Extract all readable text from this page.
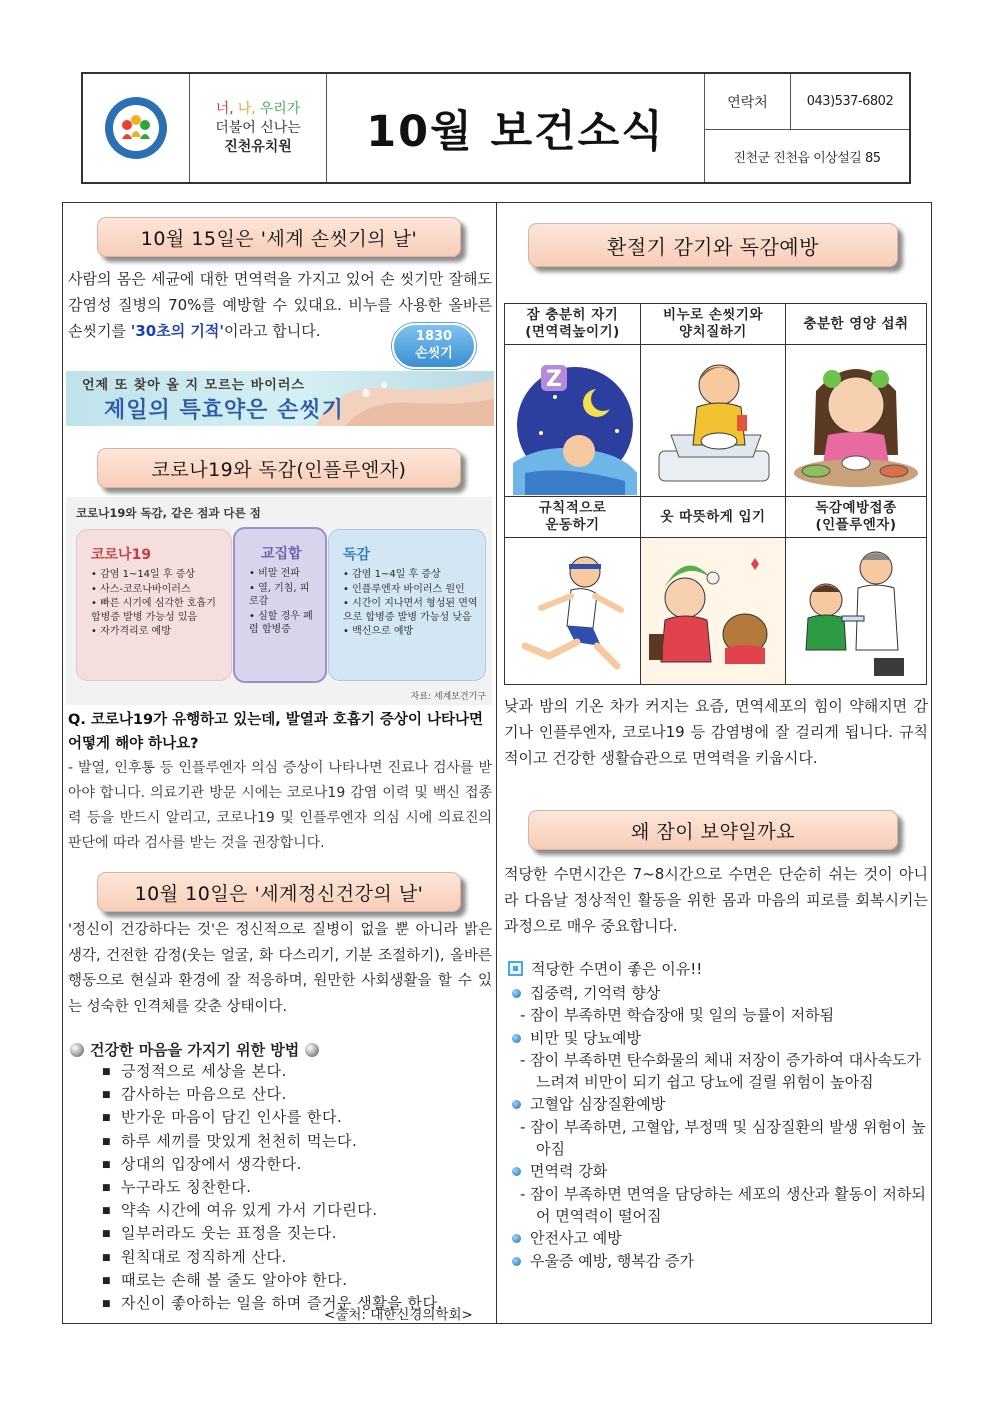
너, 나, 우리가
더불어 신나는
진천유치원	10월 보건소식
연락처	043)537-6802
진천군 진천읍 이상설길 85
10월 15일은 '세계 손씻기의 날'
사람의 몸은 세균에 대한 면역력을 가지고 있어 손 씻기만 잘해도 감염성 질병의 70%를 예방할 수 있대요. 비누를 사용한 올바른 손씻기를 '30초의 기적'이라고 합니다.	1830
손씻기
언제 또 찾아 올 지 모르는 바이러스
제일의 특효약은 손씻기
코로나19와 독감(인플루엔자)
코로나19와 독감, 같은 점과 다른 점
코로나19
• 감염 1~14일 후 증상
• 사스-코로나바이러스
• 빠른 시기에 심각한 호흡기 합병증 발병 가능성 있음
• 자가격리로 예방
교집합
• 비말 전파
• 열, 기침, 피로감
• 심할 경우 폐렴 합병증
독감
• 감염 1~4일 후 증상
• 인플루엔자 바이러스 원인
• 시간이 지나면서 형성된 면역으로 합병증 발병 가능성 낮음
• 백신으로 예방
자료: 세계보건기구
Q. 코로나19가 유행하고 있는데, 발열과 호흡기 증상이 나타나면 어떻게 해야 하나요?
- 발열, 인후통 등 인플루엔자 의심 증상이 나타나면 진료나 검사를 받아야 합니다. 의료기관 방문 시에는 코로나19 감염 이력 및 백신 접종력 등을 반드시 알리고, 코로나19 및 인플루엔자 의심 시에 의료진의 판단에 따라 검사를 받는 것을 권장합니다.
10월 10일은 '세계정신건강의 날'
'정신이 건강하다는 것'은 정신적으로 질병이 없을 뿐 아니라 밝은 생각, 건전한 감정(웃는 얼굴, 화 다스리기, 기분 조절하기), 올바른 행동으로 현실과 환경에 잘 적응하며, 원만한 사회생활을 할 수 있는 성숙한 인격체를 갖춘 상태이다.
건강한 마음을 가지기 위한 방법
■ 긍정적으로 세상을 본다.
■ 감사하는 마음으로 산다.
■ 반가운 마음이 담긴 인사를 한다.
■ 하루 세끼를 맛있게 천천히 먹는다.
■ 상대의 입장에서 생각한다.
■ 누구라도 칭찬한다.
■ 약속 시간에 여유 있게 가서 기다린다.
■ 일부러라도 웃는 표정을 짓는다.
■ 원칙대로 정직하게 산다.
■ 때로는 손해 볼 줄도 알아야 한다.
■ 자신이 좋아하는 일을 하며 즐거운 생활을 한다.
<출처: 대한신경의학회>
환절기 감기와 독감예방
잠 충분히 자기
(면역력높이기)
비누로 손씻기와
양치질하기
충분한 영양 섭취
Z
규칙적으로
운동하기
옷 따뜻하게 입기
독감예방접종
(인플루엔자)
낮과 밤의 기온 차가 커지는 요즘, 면역세포의 힘이 약해지면 감기나 인플루엔자, 코로나19 등 감염병에 잘 걸리게 됩니다. 규칙적이고 건강한 생활습관으로 면역력을 키웁시다.
왜 잠이 보약일까요
적당한 수면시간은 7~8시간으로 수면은 단순히 쉬는 것이 아니라 다음날 정상적인 활동을 위한 몸과 마음의 피로를 회복시키는 과정으로 매우 중요합니다.
적당한 수면이 좋은 이유!!
집중력, 기억력 향상
- 잠이 부족하면 학습장애 및 일의 능률이 저하됨
비만 및 당뇨예방
- 잠이 부족하면 탄수화물의 체내 저장이 증가하여 대사속도가 느려져 비만이 되기 쉽고 당뇨에 걸릴 위험이 높아짐
고혈압 심장질환예방
- 잠이 부족하면, 고혈압, 부정맥 및 심장질환의 발생 위험이 높아짐
면역력 강화
- 잠이 부족하면 면역을 담당하는 세포의 생산과 활동이 저하되어 면역력이 떨어짐
안전사고 예방
우울증 예방, 행복감 증가
